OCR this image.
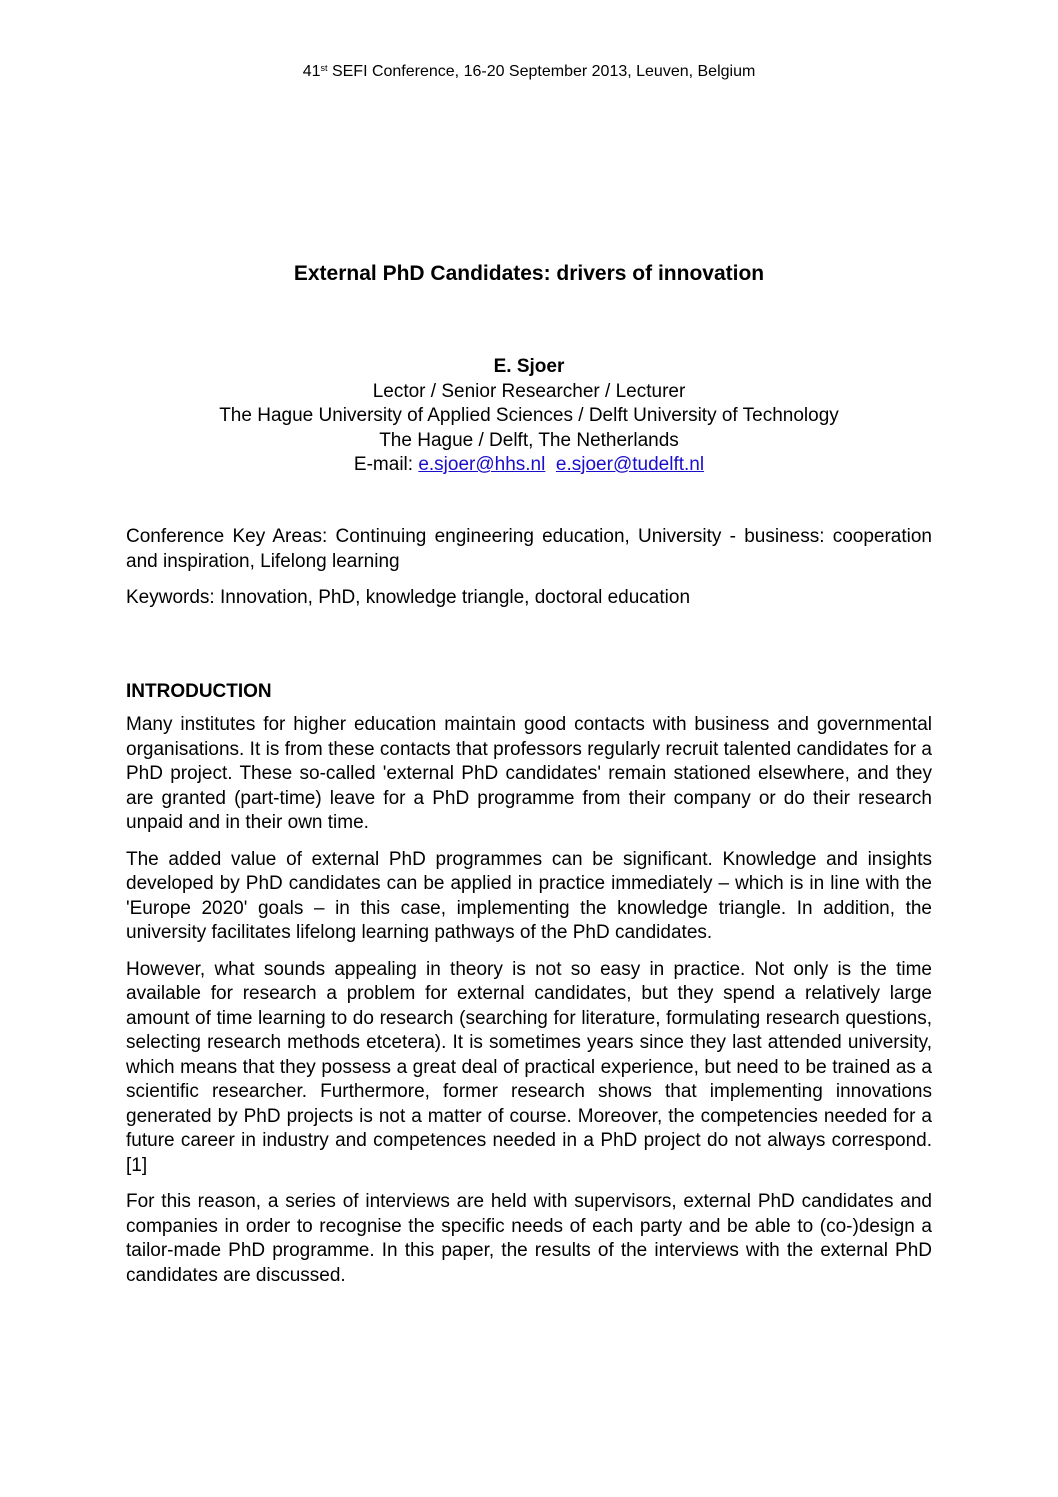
41st SEFI Conference, 16-20 September 2013, Leuven, Belgium
External PhD Candidates: drivers of innovation
E. Sjoer
Lector / Senior Researcher / Lecturer
The Hague University of Applied Sciences / Delft University of Technology
The Hague / Delft, The Netherlands
E-mail: e.sjoer@hhs.nl e.sjoer@tudelft.nl

Conference Key Areas: Continuing engineering education, University - business: cooperation and inspiration, Lifelong learning

Keywords: Innovation, PhD, knowledge triangle, doctoral education

INTRODUCTION

Many institutes for higher education maintain good contacts with business and governmental organisations. It is from these contacts that professors regularly recruit talented candidates for a PhD project. These so-called 'external PhD candidates' remain stationed elsewhere, and they are granted (part-time) leave for a PhD programme from their company or do their research unpaid and in their own time.

The added value of external PhD programmes can be significant. Knowledge and insights developed by PhD candidates can be applied in practice immediately – which is in line with the 'Europe 2020' goals – in this case, implementing the knowledge triangle. In addition, the university facilitates lifelong learning pathways of the PhD candidates.

However, what sounds appealing in theory is not so easy in practice. Not only is the time available for research a problem for external candidates, but they spend a relatively large amount of time learning to do research (searching for literature, formulating research questions, selecting research methods etcetera). It is sometimes years since they last attended university, which means that they possess a great deal of practical experience, but need to be trained as a scientific researcher. Furthermore, former research shows that implementing innovations generated by PhD projects is not a matter of course. Moreover, the competencies needed for a future career in industry and competences needed in a PhD project do not always correspond. [1]

For this reason, a series of interviews are held with supervisors, external PhD candidates and companies in order to recognise the specific needs of each party and be able to (co-)design a tailor-made PhD programme. In this paper, the results of the interviews with the external PhD candidates are discussed.
